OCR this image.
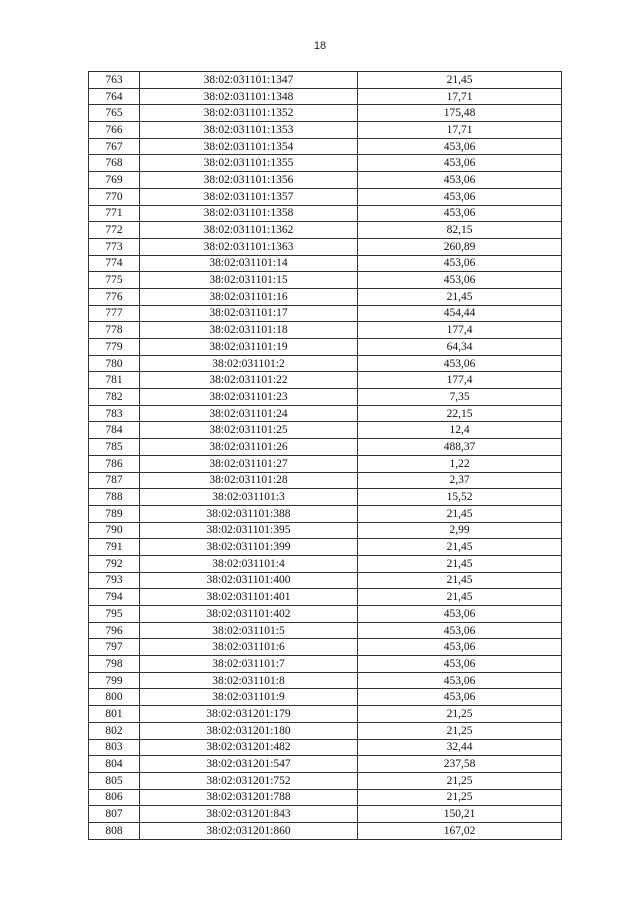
18
763	38:02:031101:1347	21,45
764	38:02:031101:1348	17,71
765	38:02:031101:1352	175,48
766	38:02:031101:1353	17,71
767	38:02:031101:1354	453,06
768	38:02:031101:1355	453,06
769	38:02:031101:1356	453,06
770	38:02:031101:1357	453,06
771	38:02:031101:1358	453,06
772	38:02:031101:1362	82,15
773	38:02:031101:1363	260,89
774	38:02:031101:14	453,06
775	38:02:031101:15	453,06
776	38:02:031101:16	21,45
777	38:02:031101:17	454,44
778	38:02:031101:18	177,4
779	38:02:031101:19	64,34
780	38:02:031101:2	453,06
781	38:02:031101:22	177,4
782	38:02:031101:23	7,35
783	38:02:031101:24	22,15
784	38:02:031101:25	12,4
785	38:02:031101:26	488,37
786	38:02:031101:27	1,22
787	38:02:031101:28	2,37
788	38:02:031101:3	15,52
789	38:02:031101:388	21,45
790	38:02:031101:395	2,99
791	38:02:031101:399	21,45
792	38:02:031101:4	21,45
793	38:02:031101:400	21,45
794	38:02:031101:401	21,45
795	38:02:031101:402	453,06
796	38:02:031101:5	453,06
797	38:02:031101:6	453,06
798	38:02:031101:7	453,06
799	38:02:031101:8	453,06
800	38:02:031101:9	453,06
801	38:02:031201:179	21,25
802	38:02:031201:180	21,25
803	38:02:031201:482	32,44
804	38:02:031201:547	237,58
805	38:02:031201:752	21,25
806	38:02:031201:788	21,25
807	38:02:031201:843	150,21
808	38:02:031201:860	167,02
